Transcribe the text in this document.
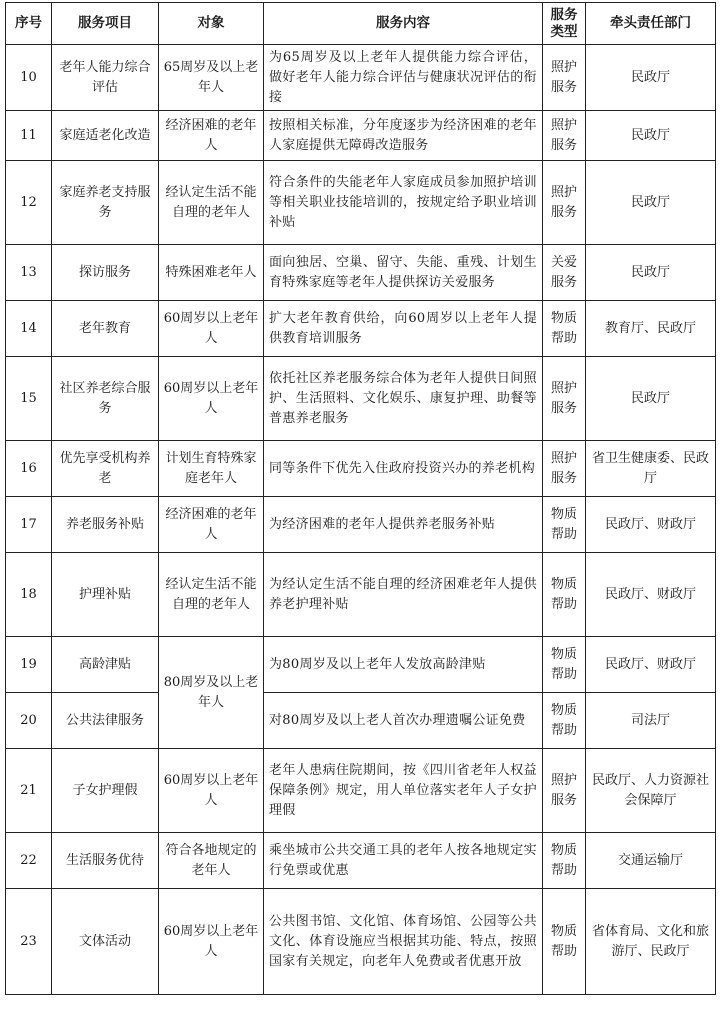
序号	服务项目	对象	服务内容	服务类型	牵头责任部门
10	老年人能力综合评估	65周岁及以上老年人	为65周岁及以上老年人提供能力综合评估，做好老年人能力综合评估与健康状况评估的衔接	照护服务	民政厅
11	家庭适老化改造	经济困难的老年人	按照相关标准，分年度逐步为经济困难的老年人家庭提供无障碍改造服务	照护服务	民政厅
12	家庭养老支持服务	经认定生活不能自理的老年人	符合条件的失能老年人家庭成员参加照护培训等相关职业技能培训的，按规定给予职业培训补贴	照护服务	民政厅
13	探访服务	特殊困难老年人	面向独居、空巢、留守、失能、重残、计划生育特殊家庭等老年人提供探访关爱服务	关爱服务	民政厅
14	老年教育	60周岁以上老年人	扩大老年教育供给，向60周岁以上老年人提供教育培训服务	物质帮助	教育厅、民政厅
15	社区养老综合服务	60周岁以上老年人	依托社区养老服务综合体为老年人提供日间照护、生活照料、文化娱乐、康复护理、助餐等普惠养老服务	照护服务	民政厅
16	优先享受机构养老	计划生育特殊家庭老年人	同等条件下优先入住政府投资兴办的养老机构	照护服务	省卫生健康委、民政厅
17	养老服务补贴	经济困难的老年人	为经济困难的老年人提供养老服务补贴	物质帮助	民政厅、财政厅
18	护理补贴	经认定生活不能自理的老年人	为经认定生活不能自理的经济困难老年人提供养老护理补贴	物质帮助	民政厅、财政厅
19	高龄津贴	80周岁及以上老年人	为80周岁及以上老年人发放高龄津贴	物质帮助	民政厅、财政厅
20	公共法律服务		对80周岁及以上老人首次办理遗嘱公证免费	物质帮助	司法厅
21	子女护理假	60周岁以上老年人	老年人患病住院期间，按《四川省老年人权益保障条例》规定，用人单位落实老年人子女护理假	照护服务	民政厅、人力资源社会保障厅
22	生活服务优待	符合各地规定的老年人	乘坐城市公共交通工具的老年人按各地规定实行免票或优惠	物质帮助	交通运输厅
23	文体活动	60周岁以上老年人	公共图书馆、文化馆、体育场馆、公园等公共文化、体育设施应当根据其功能、特点，按照国家有关规定，向老年人免费或者优惠开放	物质帮助	省体育局、文化和旅游厅、民政厅
